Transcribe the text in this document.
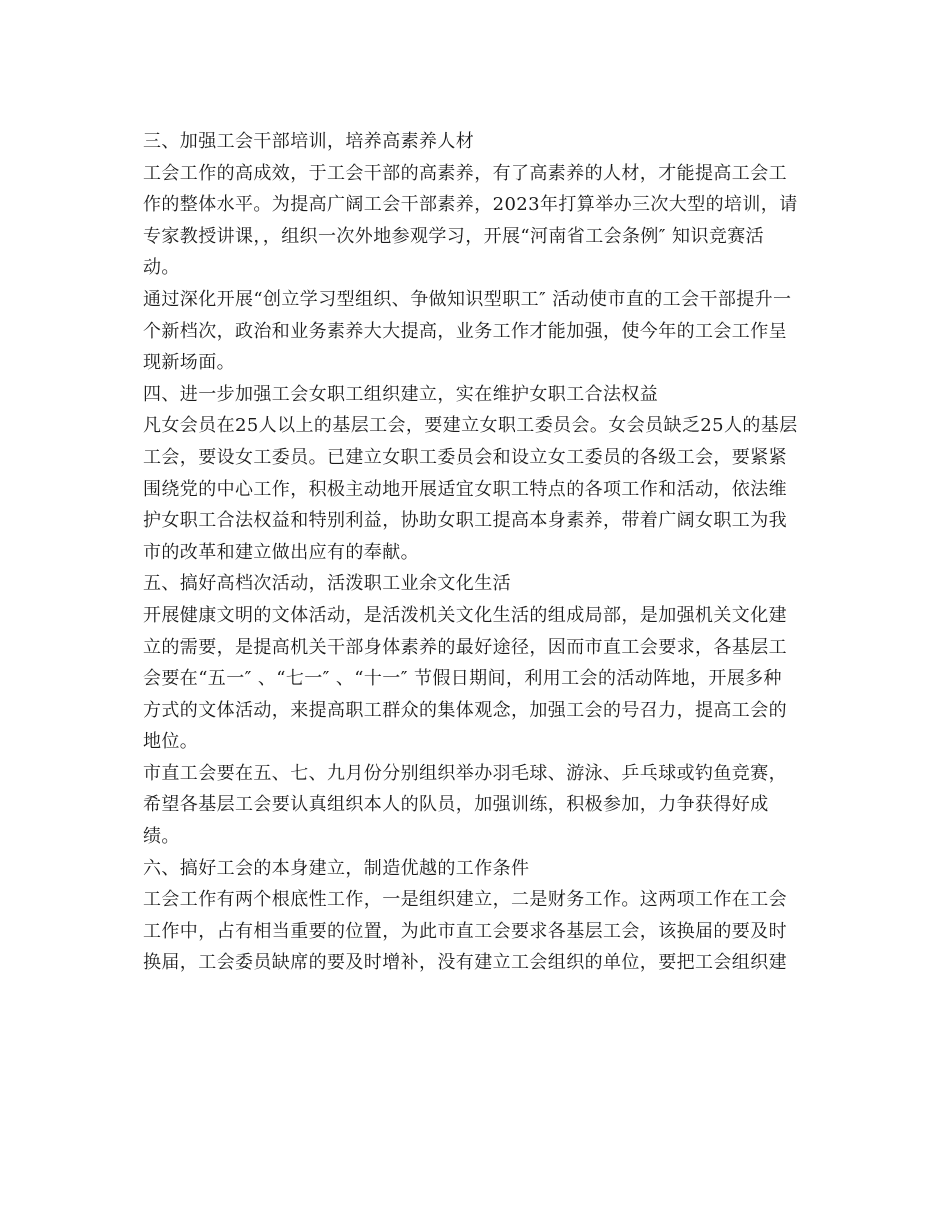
三、加强工会干部培训，培养高素养人材
工会工作的高成效，于工会干部的高素养，有了高素养的人材，才能提高工会工
作的整体水平。为提高广阔工会干部素养，2023年打算举办三次大型的培训，请
专家教授讲课，，组织一次外地参观学习，开展“河南省工会条例″ 知识竞赛活
动。
通过深化开展“创立学习型组织、争做知识型职工″ 活动使市直的工会干部提升一
个新档次，政治和业务素养大大提高，业务工作才能加强，使今年的工会工作呈
现新场面。
四、进一步加强工会女职工组织建立，实在维护女职工合法权益
凡女会员在25人以上的基层工会，要建立女职工委员会。女会员缺乏25人的基层
工会，要设女工委员。已建立女职工委员会和设立女工委员的各级工会，要紧紧
围绕党的中心工作，积极主动地开展适宜女职工特点的各项工作和活动，依法维
护女职工合法权益和特别利益，协助女职工提高本身素养，带着广阔女职工为我
市的改革和建立做出应有的奉献。
五、搞好高档次活动，活泼职工业余文化生活
开展健康文明的文体活动，是活泼机关文化生活的组成局部，是加强机关文化建
立的需要，是提高机关干部身体素养的最好途径，因而市直工会要求，各基层工
会要在“五一″ 、“七一″ 、“十一″ 节假日期间，利用工会的活动阵地，开展多种
方式的文体活动，来提高职工群众的集体观念，加强工会的号召力，提高工会的
地位。
市直工会要在五、七、九月份分别组织举办羽毛球、游泳、乒乓球或钓鱼竞赛，
希望各基层工会要认真组织本人的队员，加强训练，积极参加，力争获得好成
绩。
六、搞好工会的本身建立，制造优越的工作条件
工会工作有两个根底性工作，一是组织建立，二是财务工作。这两项工作在工会
工作中，占有相当重要的位置，为此市直工会要求各基层工会，该换届的要及时
换届，工会委员缺席的要及时增补，没有建立工会组织的单位，要把工会组织建
